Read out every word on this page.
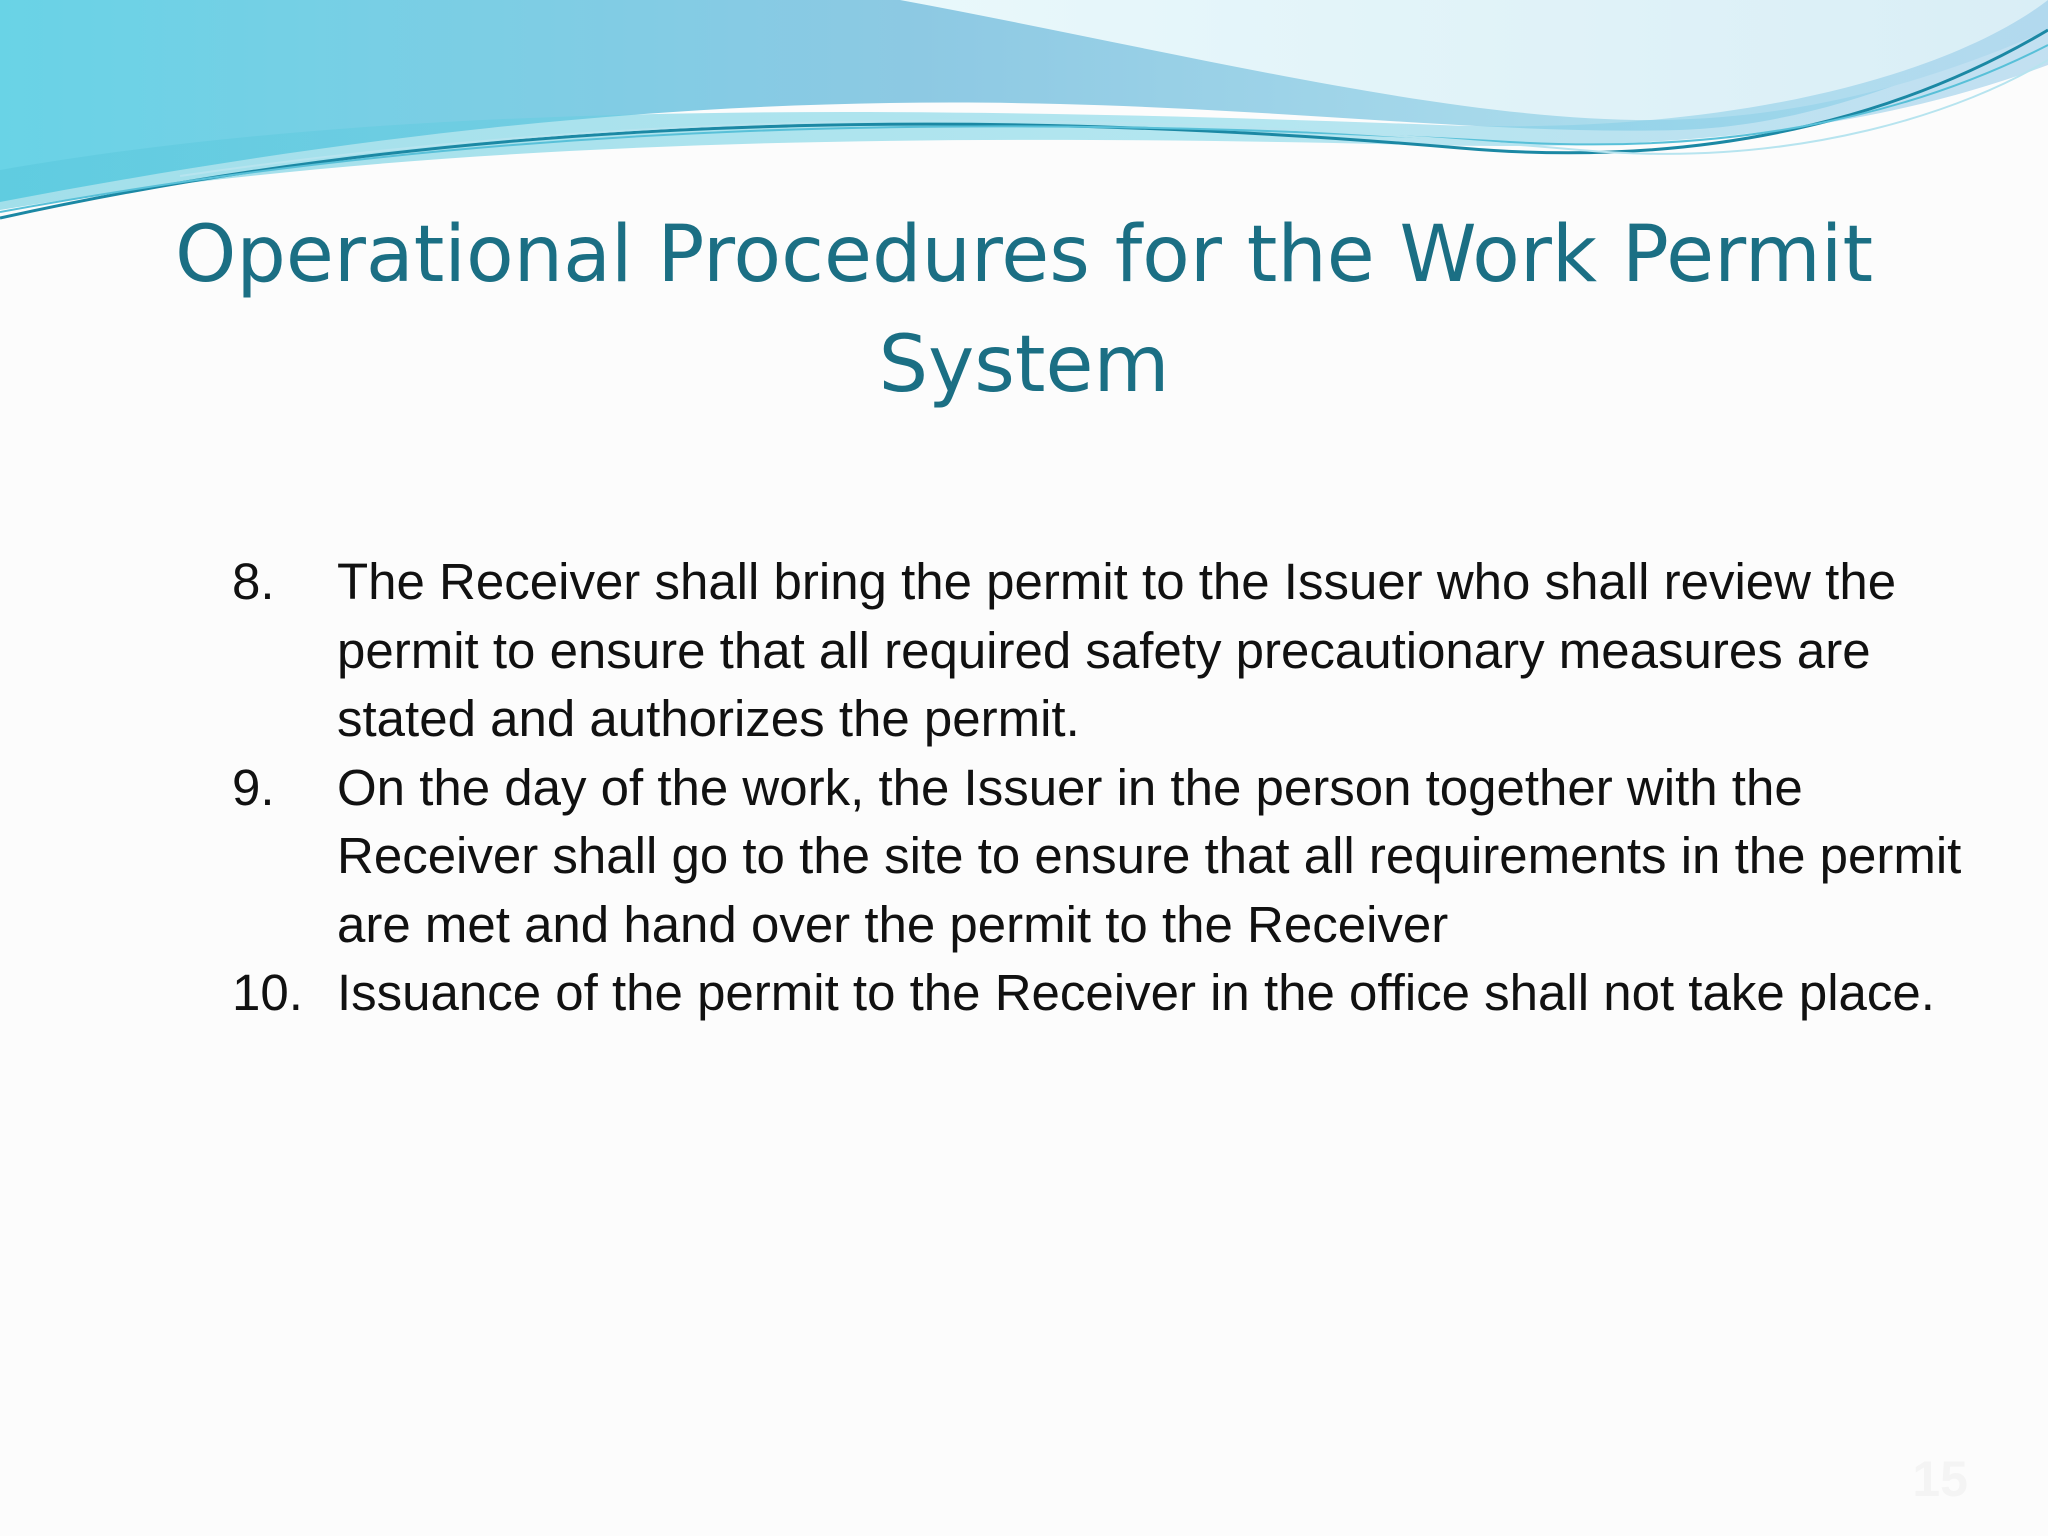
Operational Procedures for the Work Permit System
8.	The Receiver shall bring the permit to the Issuer who shall review the permit to ensure that all required safety precautionary measures are stated and authorizes the permit.
9.	On the day of the work, the Issuer in the person together with the Receiver shall go to the site to ensure that all requirements in the permit are met and hand over the permit to the Receiver
10. Issuance of the permit to the Receiver in the office shall not take place.
15
